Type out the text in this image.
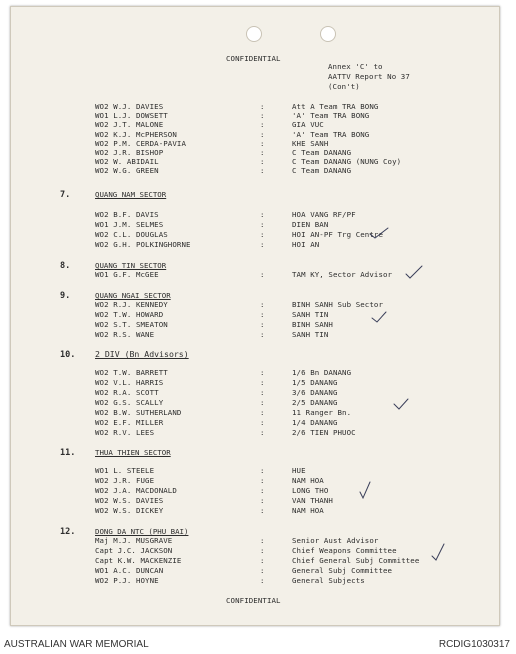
CONFIDENTIAL
Annex 'C' to
AATTV Report No 37
(Con't)
WO2 W.J. DAVIES	:	Att A Team TRA BONG
WO1 L.J. DOWSETT	:	'A' Team TRA BONG
WO2 J.T. MALONE	:	GIA VUC
WO2 K.J. McPHERSON	:	'A' Team TRA BONG
WO2 P.M. CERDA-PAVIA	:	KHE SANH
WO2 J.R. BISHOP	:	C Team DANANG
WO2 W. ABIDAIL	:	C Team DANANG (NUNG Coy)
WO2 W.G. GREEN	:	C Team DANANG
7.	QUANG NAM SECTOR
WO2 B.F. DAVIS	:	HOA VANG RF/PF
WO1 J.M. SELMES	:	DIEN BAN
WO2 C.L. DOUGLAS	:	HOI AN-PF Trg Centre
WO2 G.H. POLKINGHORNE	:	HOI AN
8.	QUANG TIN SECTOR
WO1 G.F. McGEE	:	TAM KY, Sector Advisor
9.	QUANG NGAI SECTOR
WO2 R.J. KENNEDY	:	BINH SANH Sub Sector
WO2 T.W. HOWARD	:	SANH TIN
WO2 S.T. SMEATON	:	BINH SANH
WO2 R.S. WANE	:	SANH TIN
10. 2 DIV (Bn Advisors)
WO2 T.W. BARRETT	:	1/6 Bn DANANG
WO2 V.L. HARRIS	:	1/5 DANANG
WO2 R.A. SCOTT	:	3/6 DANANG
WO2 G.S. SCALLY	:	2/5 DANANG
WO2 B.W. SUTHERLAND	:	11 Ranger Bn.
WO2 E.F. MILLER	:	1/4 DANANG
WO2 R.V. LEES	:	2/6 TIEN PHUOC
11.	THUA THIEN SECTOR
WO1 L. STEELE	:	HUE
WO2 J.R. FUGE	:	NAM HOA
WO2 J.A. MACDONALD	:	LONG THO
WO2 W.S. DAVIES	:	VAN THANH
WO2 W.S. DICKEY	:	NAM HOA
12.	DONG DA NTC (PHU BAI)
Maj M.J. MUSGRAVE	:	Senior Aust Advisor
Capt J.C. JACKSON	:	Chief Weapons Committee
Capt K.W. MACKENZIE	:	Chief General Subj Committee
WO1 A.C. DUNCAN	:	General Subj Committee
WO2 P.J. HOYNE	:	General Subjects
CONFIDENTIAL
AUSTRALIAN WAR MEMORIAL	RCDIG1030317
